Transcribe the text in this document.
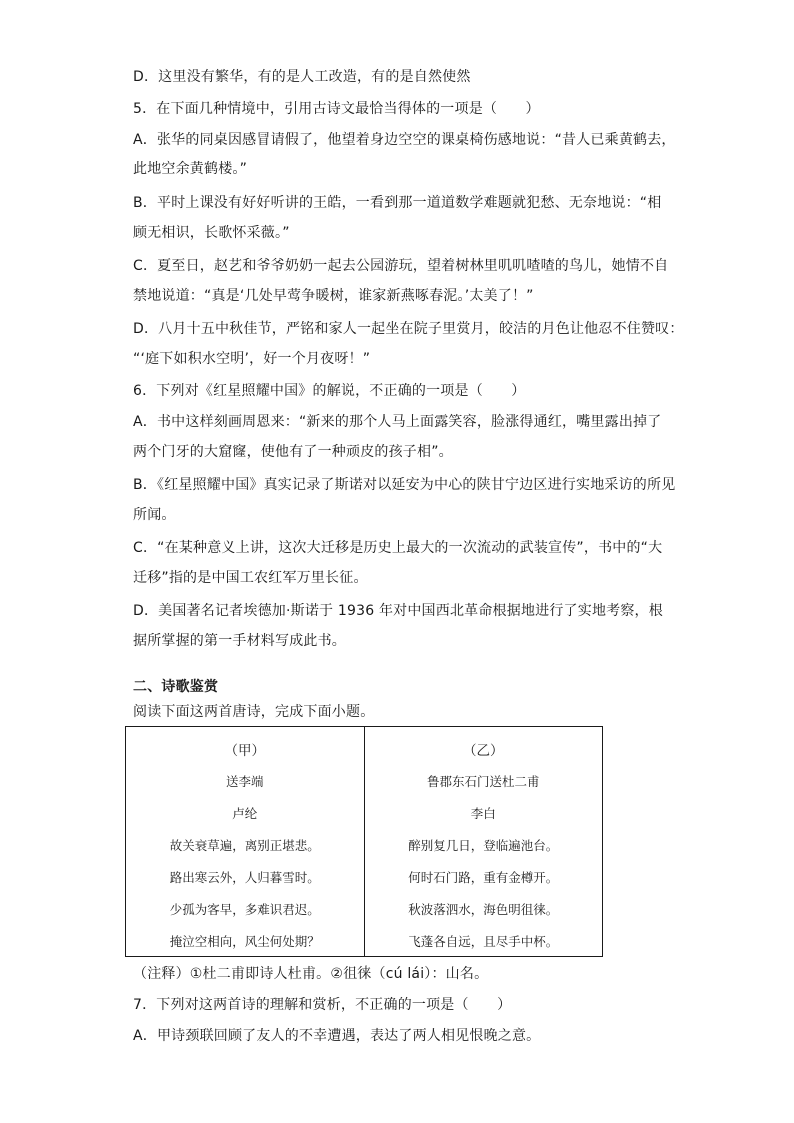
D．这里没有繁华，有的是人工改造，有的是自然使然
5．在下面几种情境中，引用古诗文最恰当得体的一项是（　　）
A．张华的同桌因感冒请假了，他望着身边空空的课桌椅伤感地说：“昔人已乘黄鹤去，
此地空余黄鹤楼。”
B．平时上课没有好好听讲的王皓，一看到那一道道数学难题就犯愁、无奈地说：“相
顾无相识，长歌怀采薇。”
C．夏至日，赵艺和爷爷奶奶一起去公园游玩，望着树林里叽叽喳喳的鸟儿，她情不自
禁地说道：“真是‘几处早莺争暖树，谁家新燕啄春泥。’太美了！”
D．八月十五中秋佳节，严铭和家人一起坐在院子里赏月，皎洁的月色让他忍不住赞叹：
“‘庭下如积水空明’，好一个月夜呀！”
6．下列对《红星照耀中国》的解说，不正确的一项是（　　）
A．书中这样刻画周恩来：“新来的那个人马上面露笑容，脸涨得通红，嘴里露出掉了
两个门牙的大窟窿，使他有了一种顽皮的孩子相”。
B．《红星照耀中国》真实记录了斯诺对以延安为中心的陕甘宁边区进行实地采访的所见
所闻。
C．“在某种意义上讲，这次大迁移是历史上最大的一次流动的武装宣传”，书中的“大
迁移”指的是中国工农红军万里长征。
D．美国著名记者埃德加·斯诺于 1936 年对中国西北革命根据地进行了实地考察，根
据所掌握的第一手材料写成此书。
二、诗歌鉴赏
阅读下面这两首唐诗，完成下面小题。
（甲）
送李端
卢纶
故关衰草遍，离别正堪悲。
路出寒云外，人归暮雪时。
少孤为客早，多难识君迟。
掩泣空相向，风尘何处期？

（乙）
鲁郡东石门送杜二甫
李白
醉别复几日，登临遍池台。
何时石门路，重有金樽开。
秋波落泗水，海色明徂徕。
飞蓬各自远，且尽手中杯。
（注释）①杜二甫即诗人杜甫。②徂徕（cú lái）：山名。
7．下列对这两首诗的理解和赏析，不正确的一项是（　　）
A．甲诗颈联回顾了友人的不幸遭遇，表达了两人相见恨晚之意。
